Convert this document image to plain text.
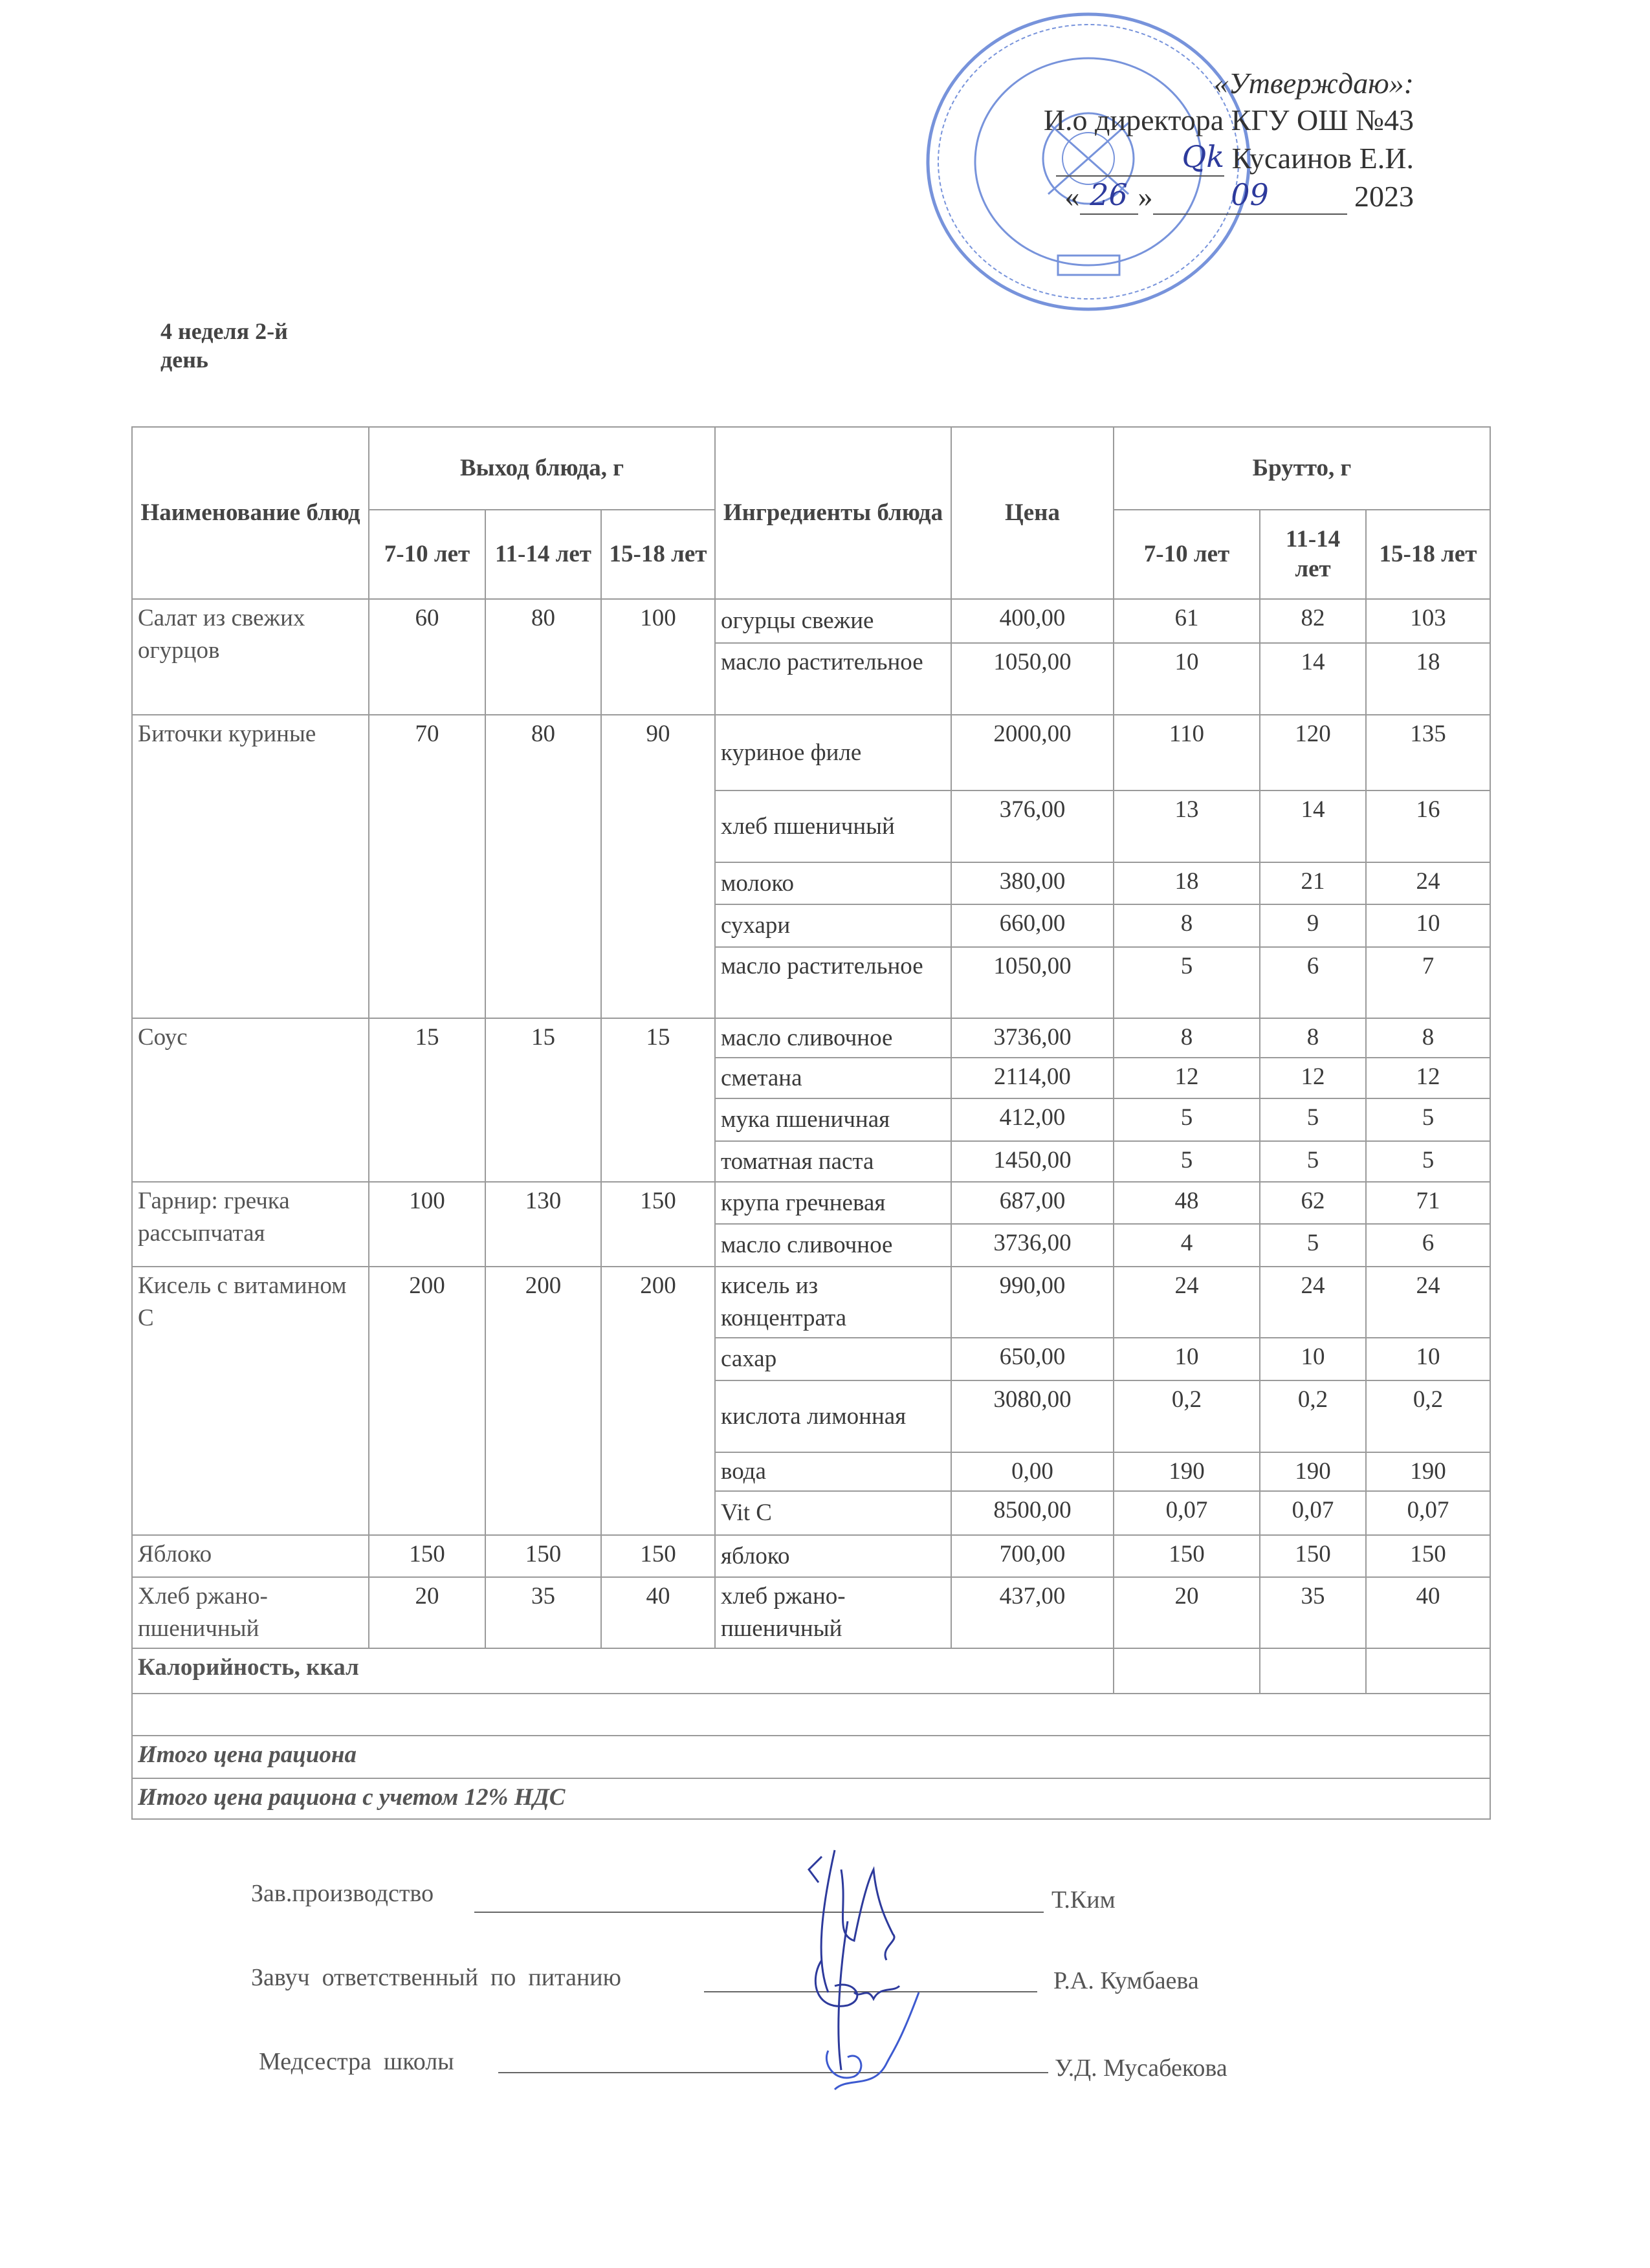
«Утверждаю»:
И.о директора КГУ ОШ №43
Qk Кусаинов Е.И.
« 26 »	09	2023
4 неделя 2-й
день
Наименование блюд	Выход блюда, г			Ингредиенты блюда	Цена	Брутто, г		
	7-10 лет	11-14 лет	15-18 лет			7-10 лет	11-14 лет	15-18 лет
Салат из свежих огурцов	60	80	100	огурцы свежие	400,00	61	82	103
				масло растительное	1050,00	10	14	18
Биточки куриные	70	80	90	куриное филе	2000,00	110	120	135
				хлеб пшеничный	376,00	13	14	16
				молоко	380,00	18	21	24
				сухари	660,00	8	9	10
				масло растительное	1050,00	5	6	7
Соус	15	15	15	масло сливочное	3736,00	8	8	8
				сметана	2114,00	12	12	12
				мука пшеничная	412,00	5	5	5
				томатная паста	1450,00	5	5	5
Гарнир: гречка рассыпчатая	100	130	150	крупа гречневая	687,00	48	62	71
				масло сливочное	3736,00	4	5	6
Кисель с витамином С	200	200	200	кисель из концентрата	990,00	24	24	24
				сахар	650,00	10	10	10
				кислота лимонная	3080,00	0,2	0,2	0,2
				вода	0,00	190	190	190
				Vit C	8500,00	0,07	0,07	0,07
Яблоко	150	150	150	яблоко	700,00	150	150	150
Хлеб ржано-пшеничный	20	35	40	хлеб ржано-пшеничный	437,00	20	35	40
Калорийность, ккал								

Итого цена рациона								
Итого цена рациона с учетом 12% НДС								
Зав.производство	Т.Ким
Завуч  ответственный  по  питанию	Р.А. Кумбаева
Медсестра  школы	У.Д. Мусабекова
